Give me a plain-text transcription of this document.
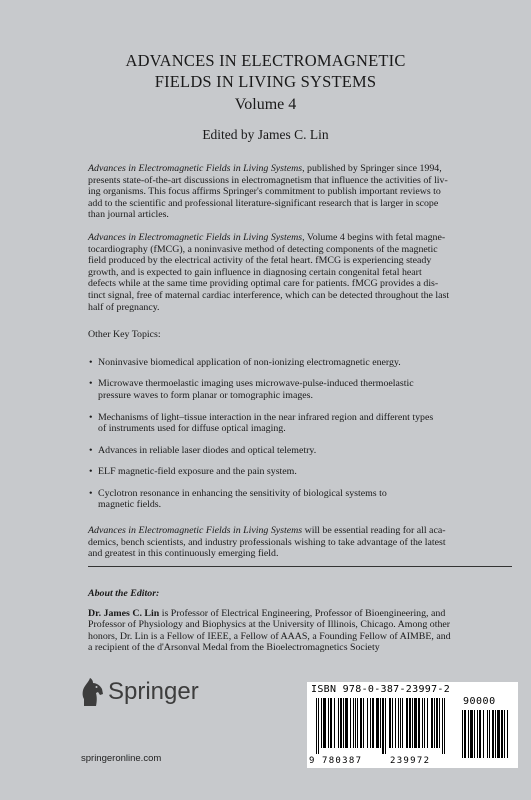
ADVANCES IN ELECTROMAGNETIC
FIELDS IN LIVING SYSTEMS
Volume 4
Edited by James C. Lin

Advances in Electromagnetic Fields in Living Systems, published by Springer since 1994,
presents state-of-the-art discussions in electromagnetism that influence the activities of liv-
ing organisms. This focus affirms Springer's commitment to publish important reviews to
add to the scientific and professional literature-significant research that is larger in scope
than journal articles.

Advances in Electromagnetic Fields in Living Systems, Volume 4 begins with fetal magne-
tocardiography (fMCG), a noninvasive method of detecting components of the magnetic
field produced by the electrical activity of the fetal heart. fMCG is experiencing steady
growth, and is expected to gain influence in diagnosing certain congenital fetal heart
defects while at the same time providing optimal care for patients. fMCG provides a dis-
tinct signal, free of maternal cardiac interference, which can be detected throughout the last
half of pregnancy.

Other Key Topics:

• Noninvasive biomedical application of non-ionizing electromagnetic energy.
• Microwave thermoelastic imaging uses microwave-pulse-induced thermoelastic
pressure waves to form planar or tomographic images.
• Mechanisms of light–tissue interaction in the near infrared region and different types
of instruments used for diffuse optical imaging.
• Advances in reliable laser diodes and optical telemetry.
• ELF magnetic-field exposure and the pain system.
• Cyclotron resonance in enhancing the sensitivity of biological systems to
magnetic fields.

Advances in Electromagnetic Fields in Living Systems will be essential reading for all aca-
demics, bench scientists, and industry professionals wishing to take advantage of the latest
and greatest in this continuously emerging field.

About the Editor:
Dr. James C. Lin is Professor of Electrical Engineering, Professor of Bioengineering, and
Professor of Physiology and Biophysics at the University of Illinois, Chicago. Among other
honors, Dr. Lin is a Fellow of IEEE, a Fellow of AAAS, a Founding Fellow of AIMBE, and
a recipient of the d'Arsonval Medal from the Bioelectromagnetics Society
Springer
springeronline.com
ISBN 978-0-387-23997-2
90000
9 780387	239972
